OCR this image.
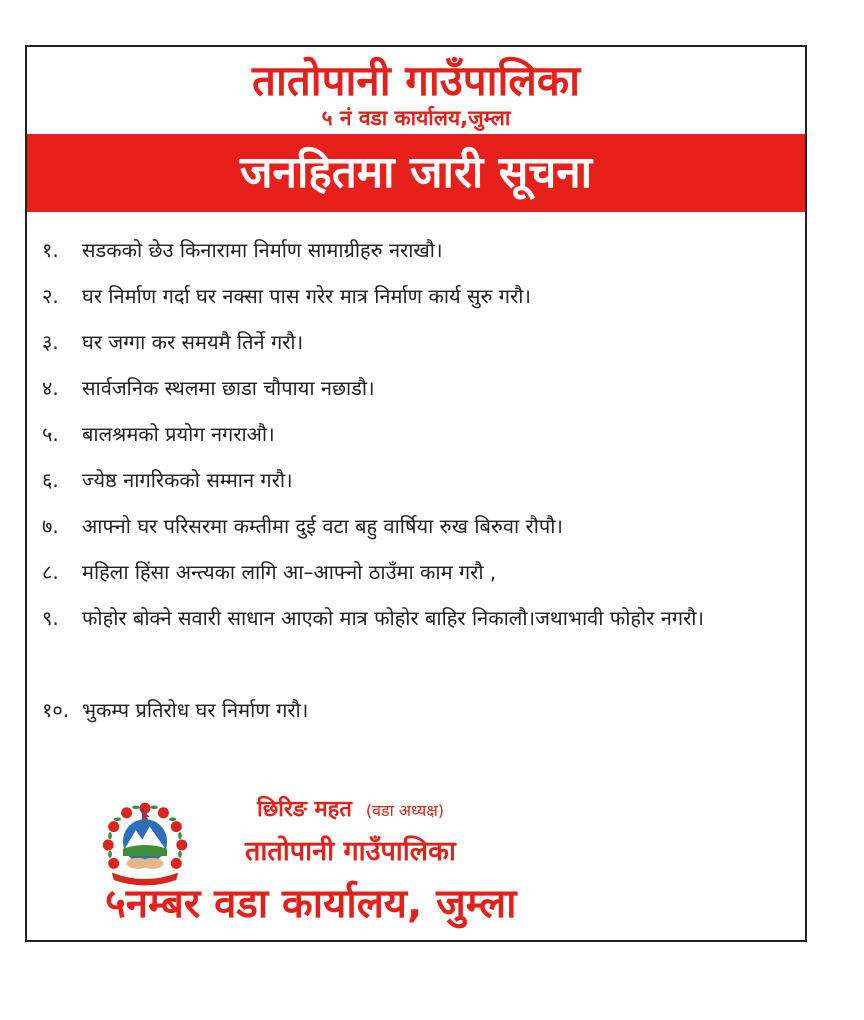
तातोपानी गाउँपालिका
५ नं वडा कार्यालय,जुम्ला
जनहितमा जारी सूचना
१.	सडकको छेउ किनारामा निर्माण सामाग्रीहरु नराखौ।
२.	घर निर्माण गर्दा घर नक्सा पास गरेर मात्र निर्माण कार्य सुरु गरौ।
३.	घर जग्गा कर समयमै तिर्ने गरौ।
४.	सार्वजनिक स्थलमा छाडा चौपाया नछाडौ।
५.	बालश्रमको प्रयोग नगराऔ।
६.	ज्येष्ठ नागरिकको सम्मान गरौ।
७.	आफ्नो घर परिसरमा कम्तीमा दुई वटा बहु वार्षिया रुख बिरुवा रौपौ।
८.	महिला हिंसा अन्त्यका लागि आ–आफ्नो ठाउँमा काम गरौ ,
९.	फोहोर बोक्ने सवारी साधान आएको मात्र फोहोर बाहिर निकालौ।जथाभावी फोहोर नगरौ।
१०. भुकम्प प्रतिरोध घर निर्माण गरौ।
छिरिङ महत (वडा अध्यक्ष)
तातोपानी गाउँपालिका
५नम्बर वडा कार्यालय, जुम्ला
